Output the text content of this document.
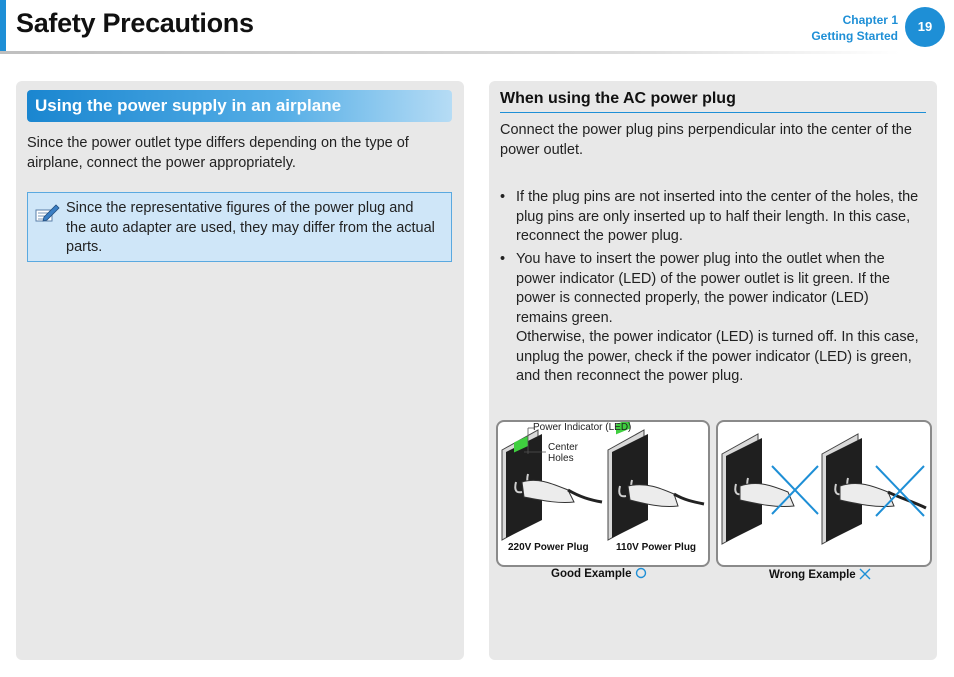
Safety Precautions	Chapter 1
Getting Started
19
Using the power supply in an airplane
Since the power outlet type differs depending on the type of
airplane, connect the power appropriately.
Since the representative figures of the power plug and
the auto adapter are used, they may differ from the actual
parts.
When using the AC power plug
Connect the power plug pins perpendicular into the center of the
power outlet.
• If the plug pins are not inserted into the center of the holes, the
plug pins are only inserted up to half their length. In this case,
reconnect the power plug.
• You have to insert the power plug into the outlet when the
power indicator (LED) of the power outlet is lit green. If the
power is connected properly, the power indicator (LED)
remains green.
Otherwise, the power indicator (LED) is turned off. In this case,
unplug the power, check if the power indicator (LED) is green,
and then reconnect the power plug.
Power Indicator (LED)
Center
Holes
220V Power Plug	110V Power Plug
Good Example	Wrong Example
